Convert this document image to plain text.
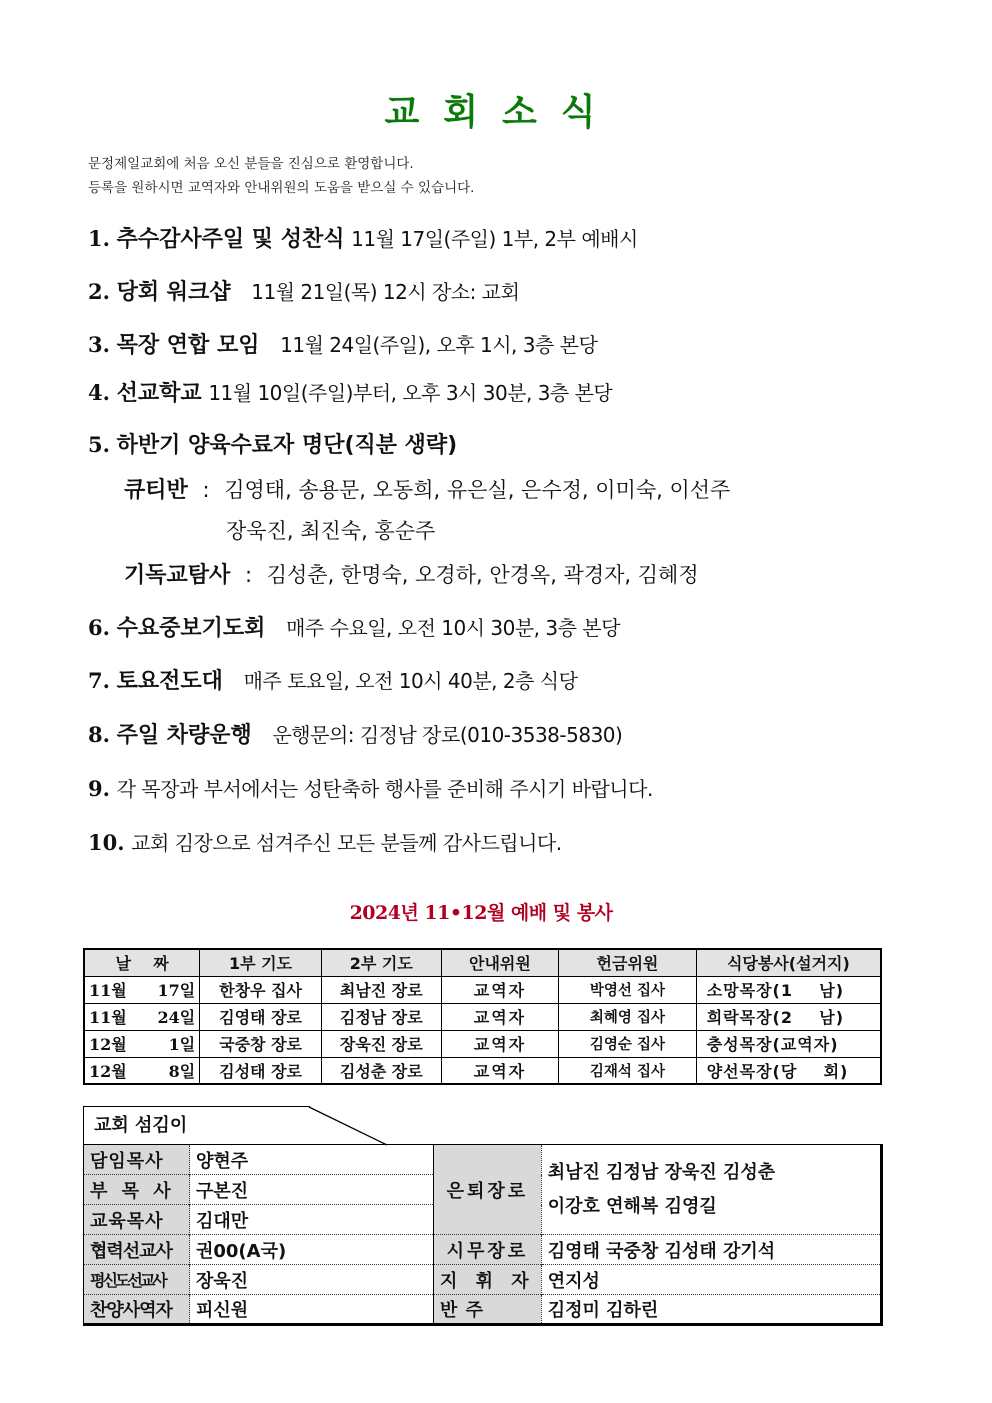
교회소식
문정제일교회에 처음 오신 분들을 진심으로 환영합니다.
등록을 원하시면 교역자와 안내위원의 도움을 받으실 수 있습니다.
1. 추수감사주일 및 성찬식 11월 17일(주일) 1부, 2부 예배시
2. 당회 워크샵 11월 21일(목) 12시 장소: 교회
3. 목장 연합 모임 11월 24일(주일), 오후 1시, 3층 본당
4. 선교학교 11월 10일(주일)부터, 오후 3시 30분, 3층 본당
5. 하반기 양육수료자 명단(직분 생략)
큐티반 : 김영태, 송용문, 오동희, 유은실, 은수정, 이미숙, 이선주
장욱진, 최진숙, 홍순주
기독교탐사 : 김성춘, 한명숙, 오경하, 안경옥, 곽경자, 김혜정
6. 수요중보기도회 매주 수요일, 오전 10시 30분, 3층 본당
7. 토요전도대 매주 토요일, 오전 10시 40분, 2층 식당
8. 주일 차량운행 운행문의: 김정남 장로(010-3538-5830)
9. 각 목장과 부서에서는 성탄축하 행사를 준비해 주시기 바랍니다.
10. 교회 김장으로 섬겨주신 모든 분들께 감사드립니다.
2024년 11•12월 예배 및 봉사
날    짜	1부 기도	2부 기도	안내위원	헌금위원	식당봉사(설거지)

11월 17일	한창우 집사	최남진 장로	교역자	박영선 집사	소망목장(1    남)

11월 24일	김영태 장로	김정남 장로	교역자	최혜영 집사	희락목장(2    남)

12월 1일	국중창 장로	장욱진 장로	교역자	김영순 집사	충성목장(교역자)

12월 8일	김성태 장로	김성춘 장로	교역자	김재석 집사	양선목장(당    회)
교회 섬김이
담임목사	양현주	은퇴장로	최남진 김정남 장욱진 김성춘
이강호 연해복 김영길

부 목 사	구본진		
교육목사	김대만		
협력선교사	권00(A국)	시무장로	김영태 국중창 김성태 강기석
평신도선교사	장욱진	지 휘 자	연지성
찬양사역자	피신원	반 주	김정미 김하린
